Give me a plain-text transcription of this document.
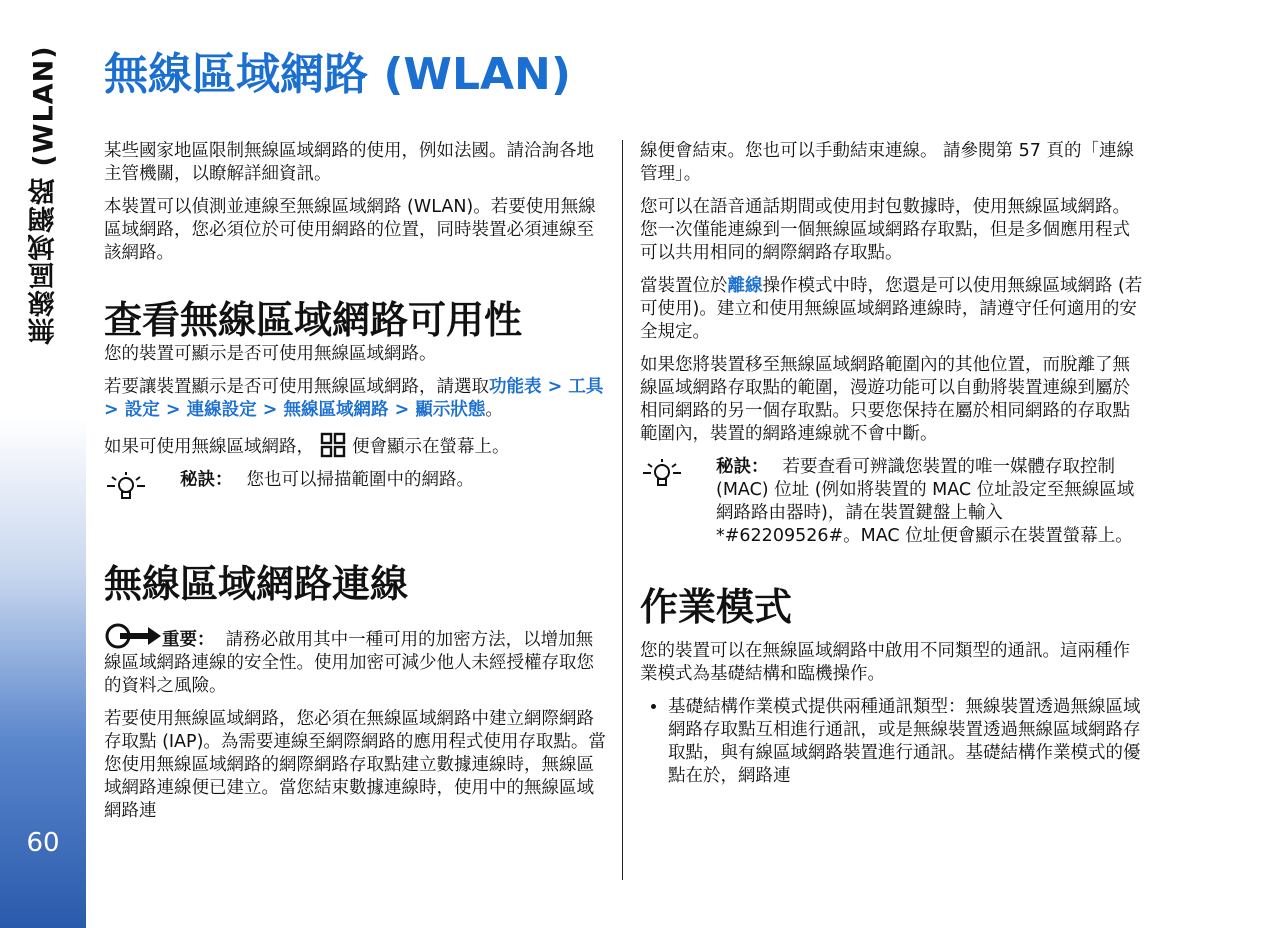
無線區域網路 (WLAN)
60
無線區域網路 (WLAN)

某些國家地區限制無線區域網路的使用，例如法國。請洽詢各地主管機關，以瞭解詳細資訊。

本裝置可以偵測並連線至無線區域網路 (WLAN)。若要使用無線區域網路，您必須位於可使用網路的位置，同時裝置必須連線至該網路。

查看無線區域網路可用性

您的裝置可顯示是否可使用無線區域網路。

若要讓裝置顯示是否可使用無線區域網路，請選取功能表 > 工具 > 設定 > 連線設定 > 無線區域網路 > 顯示狀態。

如果可使用無線區域網路， 便會顯示在螢幕上。

秘訣： 您也可以掃描範圍中的網路。
無線區域網路連線

重要： 請務必啟用其中一種可用的加密方法，以增加無線區域網路連線的安全性。使用加密可減少他人未經授權存取您的資料之風險。

若要使用無線區域網路，您必須在無線區域網路中建立網際網路存取點 (IAP)。為需要連線至網際網路的應用程式使用存取點。當您使用無線區域網路的網際網路存取點建立數據連線時，無線區域網路連線便已建立。當您結束數據連線時，使用中的無線區域網路連

線便會結束。您也可以手動結束連線。 請參閱第 57 頁的「連線管理」。

您可以在語音通話期間或使用封包數據時，使用無線區域網路。您一次僅能連線到一個無線區域網路存取點，但是多個應用程式可以共用相同的網際網路存取點。

當裝置位於離線操作模式中時，您還是可以使用無線區域網路 (若可使用)。建立和使用無線區域網路連線時，請遵守任何適用的安全規定。

如果您將裝置移至無線區域網路範圍內的其他位置，而脫離了無線區域網路存取點的範圍，漫遊功能可以自動將裝置連線到屬於相同網路的另一個存取點。只要您保持在屬於相同網路的存取點範圍內，裝置的網路連線就不會中斷。

秘訣： 若要查看可辨識您裝置的唯一媒體存取控制 (MAC) 位址 (例如將裝置的 MAC 位址設定至無線區域網路路由器時)，請在裝置鍵盤上輸入 *#62209526#。MAC 位址便會顯示在裝置螢幕上。
作業模式

您的裝置可以在無線區域網路中啟用不同類型的通訊。這兩種作業模式為基礎結構和臨機操作。

• 基礎結構作業模式提供兩種通訊類型：無線裝置透過無線區域網路存取點互相進行通訊，或是無線裝置透過無線區域網路存取點，與有線區域網路裝置進行通訊。基礎結構作業模式的優點在於，網路連
